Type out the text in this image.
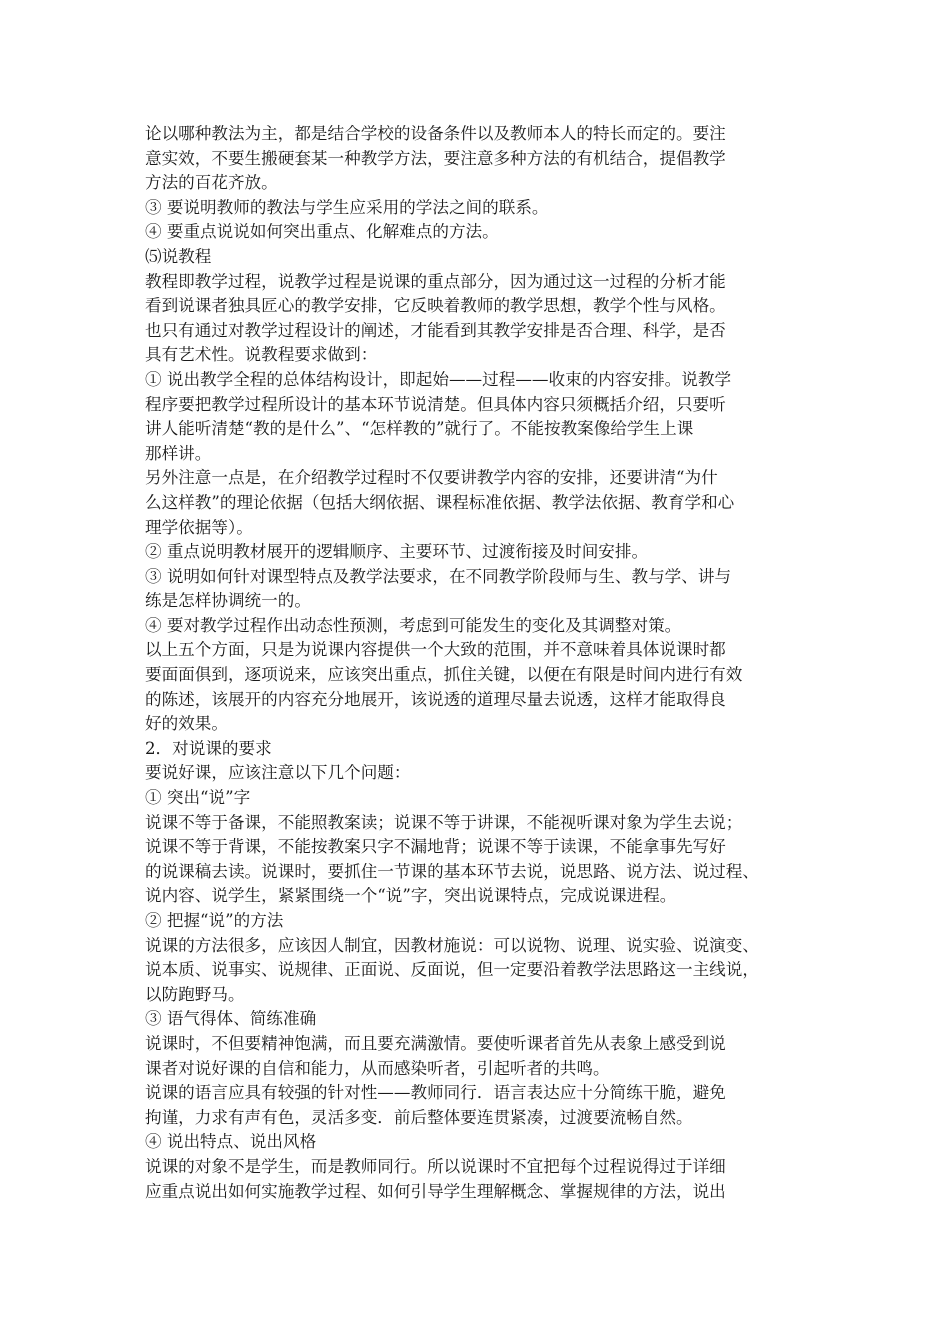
论以哪种教法为主，都是结合学校的设备条件以及教师本人的特长而定的。要注
意实效，不要生搬硬套某一种教学方法，要注意多种方法的有机结合，提倡教学
方法的百花齐放。
③ 要说明教师的教法与学生应采用的学法之间的联系。
④ 要重点说说如何突出重点、化解难点的方法。
⑸说教程
教程即教学过程，说教学过程是说课的重点部分，因为通过这一过程的分析才能
看到说课者独具匠心的教学安排，它反映着教师的教学思想，教学个性与风格。
也只有通过对教学过程设计的阐述，才能看到其教学安排是否合理、科学，是否
具有艺术性。说教程要求做到：
① 说出教学全程的总体结构设计，即起始——过程——收束的内容安排。说教学
程序要把教学过程所设计的基本环节说清楚。但具体内容只须概括介绍，只要听
讲人能听清楚“教的是什么”、“怎样教的”就行了。不能按教案像给学生上课
那样讲。
另外注意一点是，在介绍教学过程时不仅要讲教学内容的安排，还要讲清“为什
么这样教”的理论依据（包括大纲依据、课程标准依据、教学法依据、教育学和心
理学依据等）。
② 重点说明教材展开的逻辑顺序、主要环节、过渡衔接及时间安排。
③ 说明如何针对课型特点及教学法要求，在不同教学阶段师与生、教与学、讲与
练是怎样协调统一的。
④ 要对教学过程作出动态性预测，考虑到可能发生的变化及其调整对策。
以上五个方面，只是为说课内容提供一个大致的范围，并不意味着具体说课时都
要面面俱到，逐项说来，应该突出重点，抓住关键，以便在有限是时间内进行有效
的陈述，该展开的内容充分地展开，该说透的道理尽量去说透，这样才能取得良
好的效果。
2．对说课的要求
要说好课，应该注意以下几个问题：
① 突出“说”字
说课不等于备课，不能照教案读；说课不等于讲课，不能视听课对象为学生去说；
说课不等于背课，不能按教案只字不漏地背；说课不等于读课，不能拿事先写好
的说课稿去读。说课时，要抓住一节课的基本环节去说，说思路、说方法、说过程、
说内容、说学生，紧紧围绕一个“说”字，突出说课特点，完成说课进程。
② 把握“说”的方法
说课的方法很多，应该因人制宜，因教材施说：可以说物、说理、说实验、说演变、
说本质、说事实、说规律、正面说、反面说，但一定要沿着教学法思路这一主线说，
以防跑野马。
③ 语气得体、简练准确
说课时，不但要精神饱满，而且要充满激情。要使听课者首先从表象上感受到说
课者对说好课的自信和能力，从而感染听者，引起听者的共鸣。
说课的语言应具有较强的针对性——教师同行．语言表达应十分简练干脆，避免
拘谨，力求有声有色，灵活多变．前后整体要连贯紧凑，过渡要流畅自然。
④ 说出特点、说出风格
说课的对象不是学生，而是教师同行。所以说课时不宜把每个过程说得过于详细
应重点说出如何实施教学过程、如何引导学生理解概念、掌握规律的方法，说出
